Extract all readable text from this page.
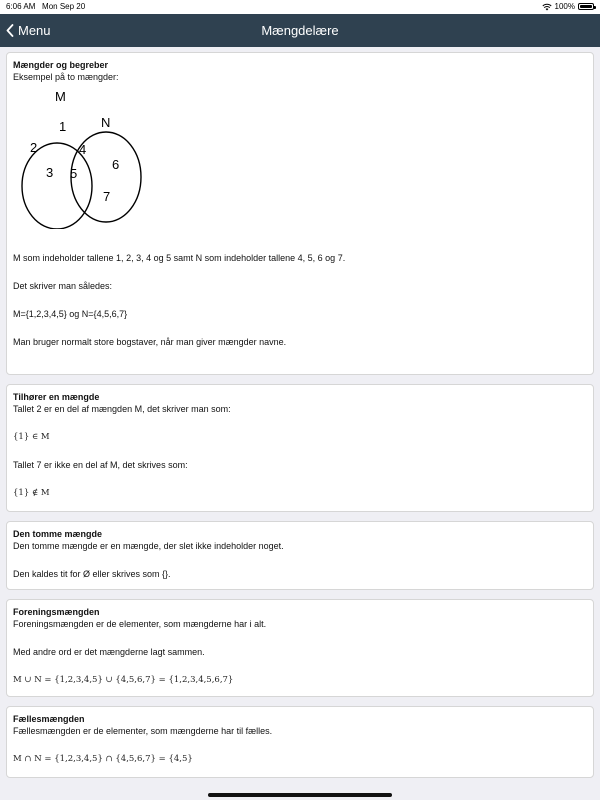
6:06 AM Mon Sep 20	100%
Menu	Mængdelære
Mængder og begreber

Eksempel på to mængder:

M
N
1
2
3
4
5
6
7

M som indeholder tallene 1, 2, 3, 4 og 5 samt N som indeholder tallene 4, 5, 6 og 7.

Det skriver man således:

M={1,2,3,4,5} og N={4,5,6,7}

Man bruger normalt store bogstaver, når man giver mængder navne.

Tilhører en mængde

Tallet 2 er en del af mængden M, det skriver man som:

{1} ∈ M

Tallet 7 er ikke en del af M, det skrives som:

{1} ∉ M

Den tomme mængde

Den tomme mængde er en mængde, der slet ikke indeholder noget.

Den kaldes tit for Ø eller skrives som {}.

Foreningsmængden

Foreningsmængden er de elementer, som mængderne har i alt.

Med andre ord er det mængderne lagt sammen.

M ∪ N = {1,2,3,4,5} ∪ {4,5,6,7} = {1,2,3,4,5,6,7}

Fællesmængden

Fællesmængden er de elementer, som mængderne har til fælles.

M ∩ N = {1,2,3,4,5} ∩ {4,5,6,7} = {4,5}
